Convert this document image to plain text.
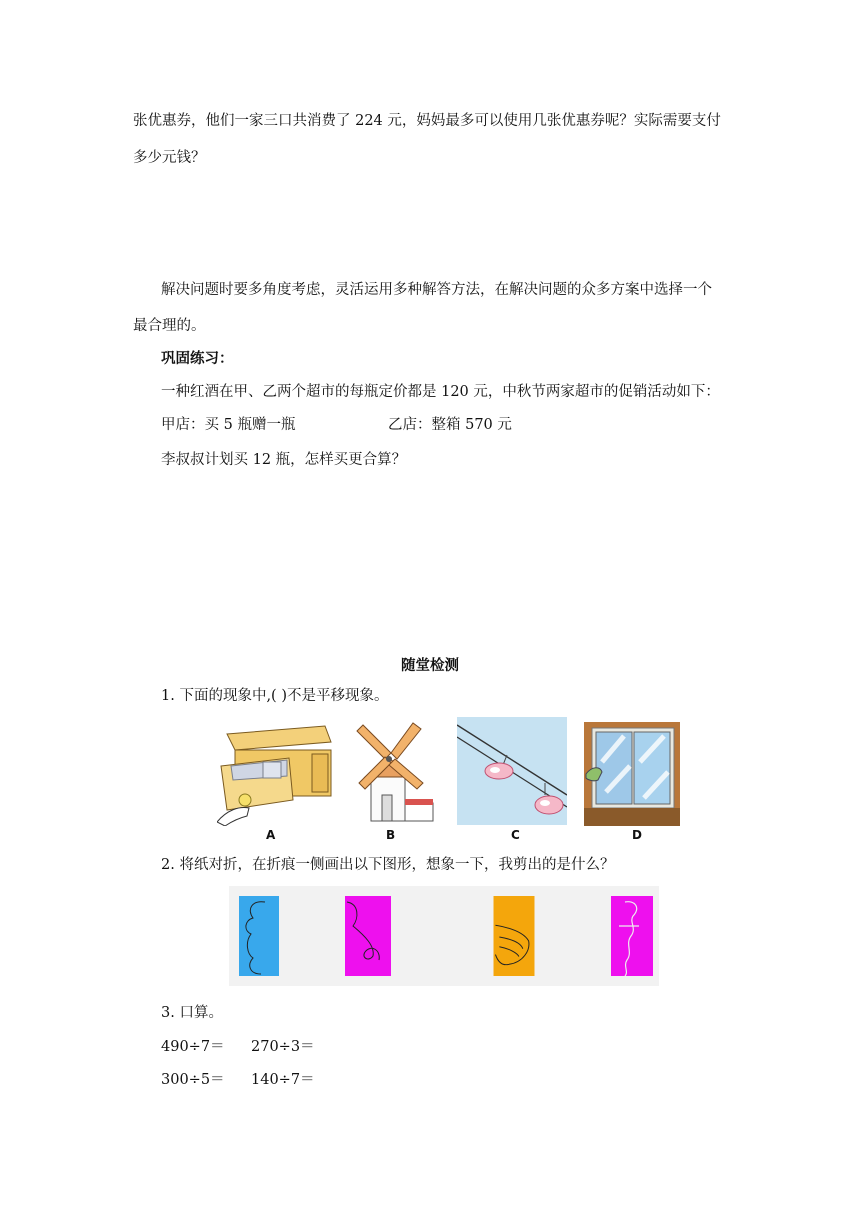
张优惠券，他们一家三口共消费了 224 元，妈妈最多可以使用几张优惠券呢？实际需要支付
多少元钱？
解决问题时要多角度考虑，灵活运用多种解答方法，在解决问题的众多方案中选择一个
最合理的。
巩固练习：
一种红酒在甲、乙两个超市的每瓶定价都是 120 元，中秋节两家超市的促销活动如下：
甲店：买 5 瓶赠一瓶	乙店：整箱 570 元
李叔叔计划买 12 瓶，怎样买更合算？
随堂检测
1. 下面的现象中,( )不是平移现象。
A	B	C	D
2. 将纸对折，在折痕一侧画出以下图形，想象一下，我剪出的是什么？
3. 口算。
490÷7＝ 270÷3＝
300÷5＝ 140÷7＝
